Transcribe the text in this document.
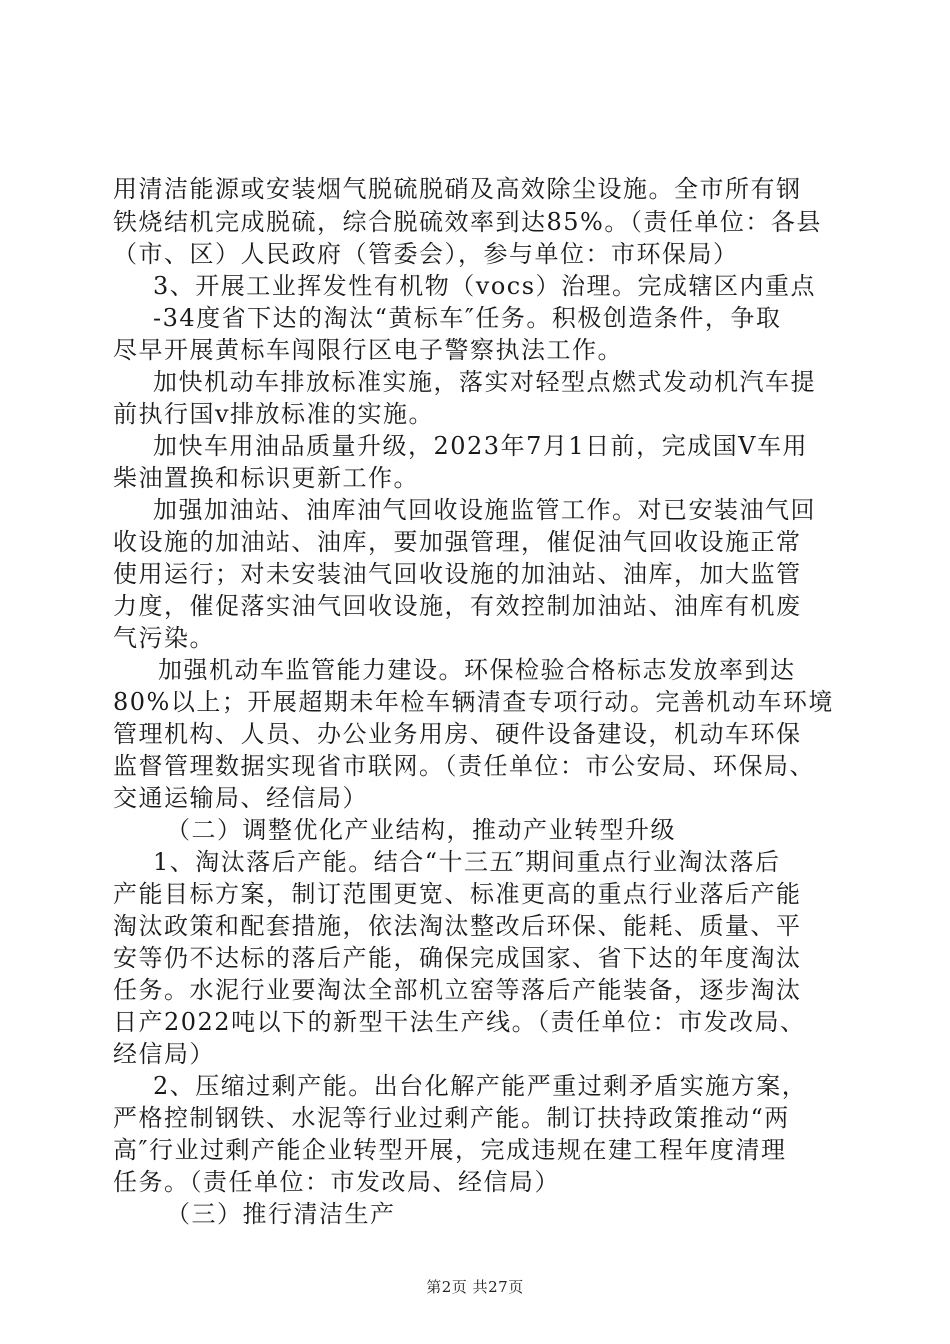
用清洁能源或安装烟气脱硫脱硝及高效除尘设施。全市所有钢
铁烧结机完成脱硫，综合脱硫效率到达85%。（责任单位：各县
（市、区）人民政府（管委会），参与单位：市环保局）
3、开展工业挥发性有机物（vocs）治理。完成辖区内重点
-34度省下达的淘汰“黄标车″任务。积极创造条件，争取
尽早开展黄标车闯限行区电子警察执法工作。
加快机动车排放标准实施，落实对轻型点燃式发动机汽车提
前执行国v排放标准的实施。
加快车用油品质量升级，2023年7月1日前，完成国Ⅴ车用
柴油置换和标识更新工作。
加强加油站、油库油气回收设施监管工作。对已安装油气回
收设施的加油站、油库，要加强管理，催促油气回收设施正常
使用运行；对未安装油气回收设施的加油站、油库，加大监管
力度，催促落实油气回收设施，有效控制加油站、油库有机废
气污染。
加强机动车监管能力建设。环保检验合格标志发放率到达
80%以上；开展超期未年检车辆清查专项行动。完善机动车环境
管理机构、人员、办公业务用房、硬件设备建设，机动车环保
监督管理数据实现省市联网。（责任单位：市公安局、环保局、
交通运输局、经信局）
（二）调整优化产业结构，推动产业转型升级
1、淘汰落后产能。结合“十三五″期间重点行业淘汰落后
产能目标方案，制订范围更宽、标准更高的重点行业落后产能
淘汰政策和配套措施，依法淘汰整改后环保、能耗、质量、平
安等仍不达标的落后产能，确保完成国家、省下达的年度淘汰
任务。水泥行业要淘汰全部机立窑等落后产能装备，逐步淘汰
日产2022吨以下的新型干法生产线。（责任单位：市发改局、
经信局）
2、压缩过剩产能。出台化解产能严重过剩矛盾实施方案，
严格控制钢铁、水泥等行业过剩产能。制订扶持政策推动“两
高″行业过剩产能企业转型开展，完成违规在建工程年度清理
任务。（责任单位：市发改局、经信局）
（三）推行清洁生产
第2页 共27页
